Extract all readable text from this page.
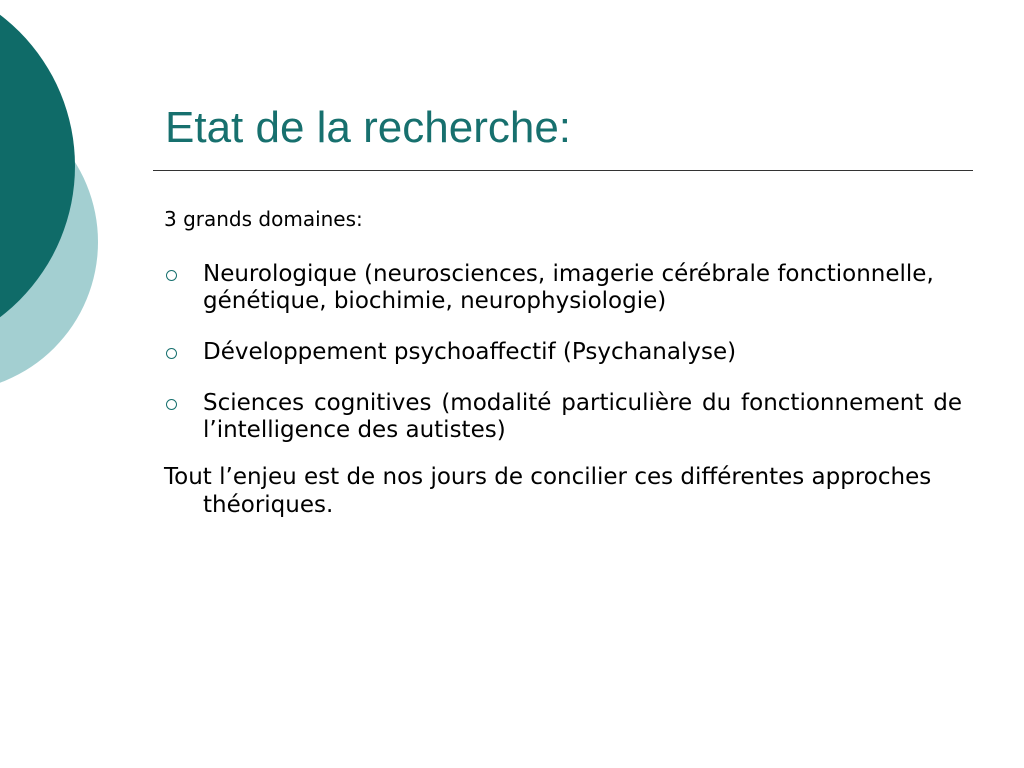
Etat de la recherche:

3 grands domaines:

Neurologique (neurosciences, imagerie cérébrale fonctionnelle, génétique, biochimie, neurophysiologie)
Développement psychoaffectif (Psychanalyse)
Sciences cognitives (modalité particulière du fonctionnement de l’intelligence des autistes)

Tout l’enjeu est de nos jours de concilier ces différentes approches théoriques.
